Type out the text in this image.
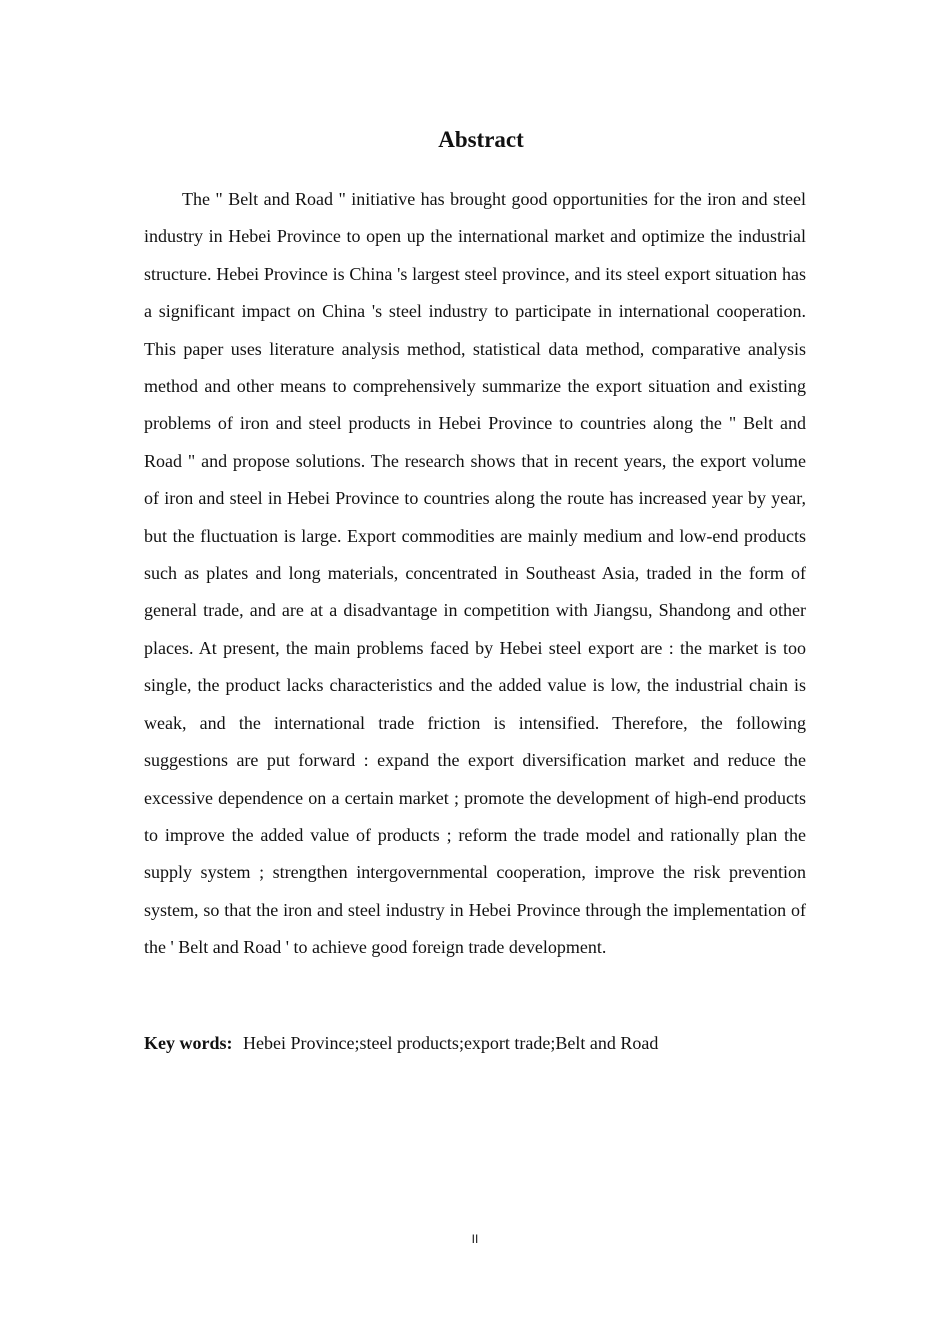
Abstract

The " Belt and Road " initiative has brought good opportunities for the iron and steel industry in Hebei Province to open up the international market and optimize the industrial structure. Hebei Province is China 's largest steel province, and its steel export situation has a significant impact on China 's steel industry to participate in international cooperation. This paper uses literature analysis method, statistical data method, comparative analysis method and other means to comprehensively summarize the export situation and existing problems of iron and steel products in Hebei Province to countries along the " Belt and Road " and propose solutions. The research shows that in recent years, the export volume of iron and steel in Hebei Province to countries along the route has increased year by year, but the fluctuation is large. Export commodities are mainly medium and low-end products such as plates and long materials, concentrated in Southeast Asia, traded in the form of general trade, and are at a disadvantage in competition with Jiangsu, Shandong and other places. At present, the main problems faced by Hebei steel export are : the market is too single, the product lacks characteristics and the added value is low, the industrial chain is weak, and the international trade friction is intensified. Therefore, the following suggestions are put forward : expand the export diversification market and reduce the excessive dependence on a certain market ; promote the development of high-end products to improve the added value of products ; reform the trade model and rationally plan the supply system ; strengthen intergovernmental cooperation, improve the risk prevention system, so that the iron and steel industry in Hebei Province through the implementation of the ' Belt and Road ' to achieve good foreign trade development.

Key words: Hebei Province;steel products;export trade;Belt and Road

II
